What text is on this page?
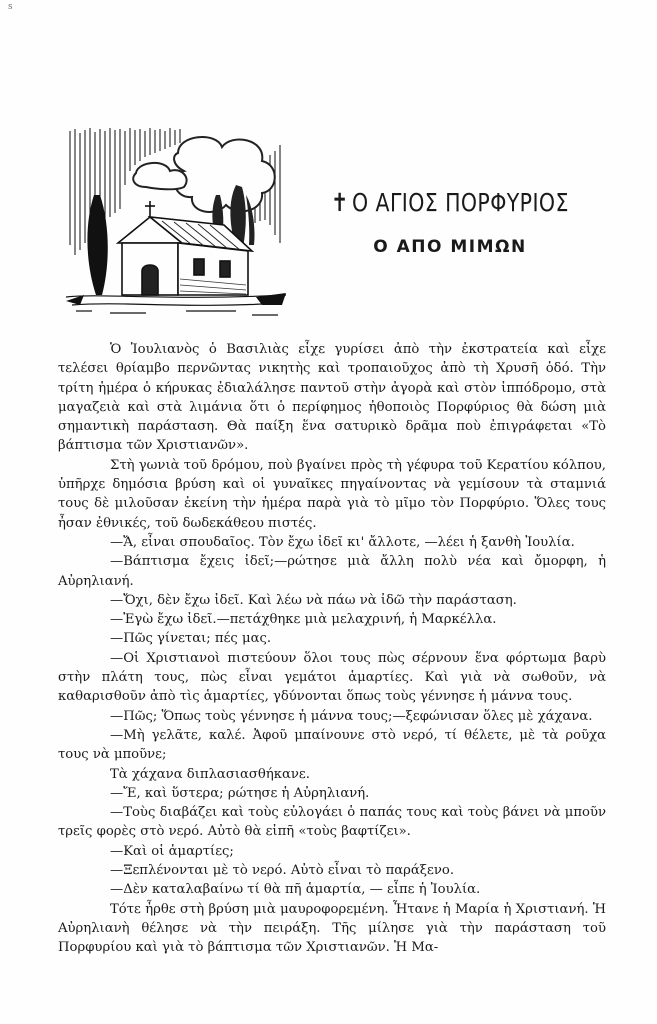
s
✝ Ο ΑΓΙΟΣ ΠΟΡΦΥΡΙΟΣ
Ο ΑΠΟ ΜΙΜΩΝ

Ὁ Ἰουλιανὸς ὁ Βασιλιὰς εἶχε γυρίσει ἀπὸ τὴν ἐκστρατεία καὶ εἶχε τελέσει θρίαμβο περνῶντας νικητὴς καὶ τροπαιοῦχος ἀπὸ τὴ Χρυσῆ ὁδό. Τὴν τρίτη ἡμέρα ὁ κήρυκας ἐδιαλάλησε παντοῦ στὴν ἀγορὰ καὶ στὸν ἱππόδρομο, στὰ μαγαζειὰ καὶ στὰ λιμάνια ὅτι ὁ περίφημος ἠθοποιὸς Πορφύριος θὰ δώση μιὰ σημαντικὴ παράσταση. Θὰ παίξη ἕνα σατυρικὸ δρᾶμα ποὺ ἐπιγράφεται «Τὸ βάπτισμα τῶν Χριστιανῶν».

Στὴ γωνιὰ τοῦ δρόμου, ποὺ βγαίνει πρὸς τὴ γέφυρα τοῦ Κερατίου κόλπου, ὑπῆρχε δημόσια βρύση καὶ οἱ γυναῖκες πηγαίνοντας νὰ γεμίσουν τὰ σταμνιά τους δὲ μιλοῦσαν ἐκείνη τὴν ἡμέρα παρὰ γιὰ τὸ μῖμο τὸν Πορφύριο. Ὅλες τους ἦσαν ἐθνικές, τοῦ δωδεκάθεου πιστές.

—Ἄ, εἶναι σπουδαῖος. Τὸν ἔχω ἰδεῖ κι' ἄλλοτε, —λέει ἡ ξανθὴ Ἰουλία.

—Βάπτισμα ἔχεις ἰδεῖ;—ρώτησε μιὰ ἄλλη πολὺ νέα καὶ ὄμορφη, ἡ Αὐρηλιανή.

—Ὄχι, δὲν ἔχω ἰδεῖ. Καὶ λέω νὰ πάω νὰ ἰδῶ τὴν παράσταση.

—Ἐγὼ ἔχω ἰδεῖ.—πετάχθηκε μιὰ μελαχρινή, ἡ Μαρκέλλα.

—Πῶς γίνεται; πές μας.

—Οἱ Χριστιανοὶ πιστεύουν ὅλοι τους πὼς σέρνουν ἕνα φόρτωμα βαρὺ στὴν πλάτη τους, πὼς εἶναι γεμάτοι ἁμαρτίες. Καὶ γιὰ νὰ σωθοῦν, νὰ καθαρισθοῦν ἀπὸ τὶς ἁμαρτίες, γδύνονται ὅπως τοὺς γέννησε ἡ μάννα τους.

—Πῶς; Ὅπως τοὺς γέννησε ἡ μάννα τους;—ξεφώνισαν ὅλες μὲ χάχανα.

—Μὴ γελᾶτε, καλέ. Ἀφοῦ μπαίνουνε στὸ νερό, τί θέλετε, μὲ τὰ ροῦχα τους νὰ μποῦνε;

Τὰ χάχανα διπλασιασθήκανε.

—Ἔ, καὶ ὕστερα; ρώτησε ἡ Αὐρηλιανή.

—Τοὺς διαβάζει καὶ τοὺς εὐλογάει ὁ παπάς τους καὶ τοὺς βάνει νὰ μποῦν τρεῖς φορὲς στὸ νερό. Αὐτὸ θὰ εἰπῆ «τοὺς βαφτίζει».

—Καὶ οἱ ἁμαρτίες;

—Ξεπλένονται μὲ τὸ νερό. Αὐτὸ εἶναι τὸ παράξενο.

—Δὲν καταλαβαίνω τί θὰ πῆ ἁμαρτία, — εἶπε ἡ Ἰουλία.

Τότε ἦρθε στὴ βρύση μιὰ μαυροφορεμένη. Ἦτανε ἡ Μαρία ἡ Χριστιανή. Ἡ Αὐρηλιανὴ θέλησε νὰ τὴν πειράξη. Τῆς μίλησε γιὰ τὴν παράσταση τοῦ Πορφυρίου καὶ γιὰ τὸ βάπτισμα τῶν Χριστιανῶν. Ἡ Μα-
